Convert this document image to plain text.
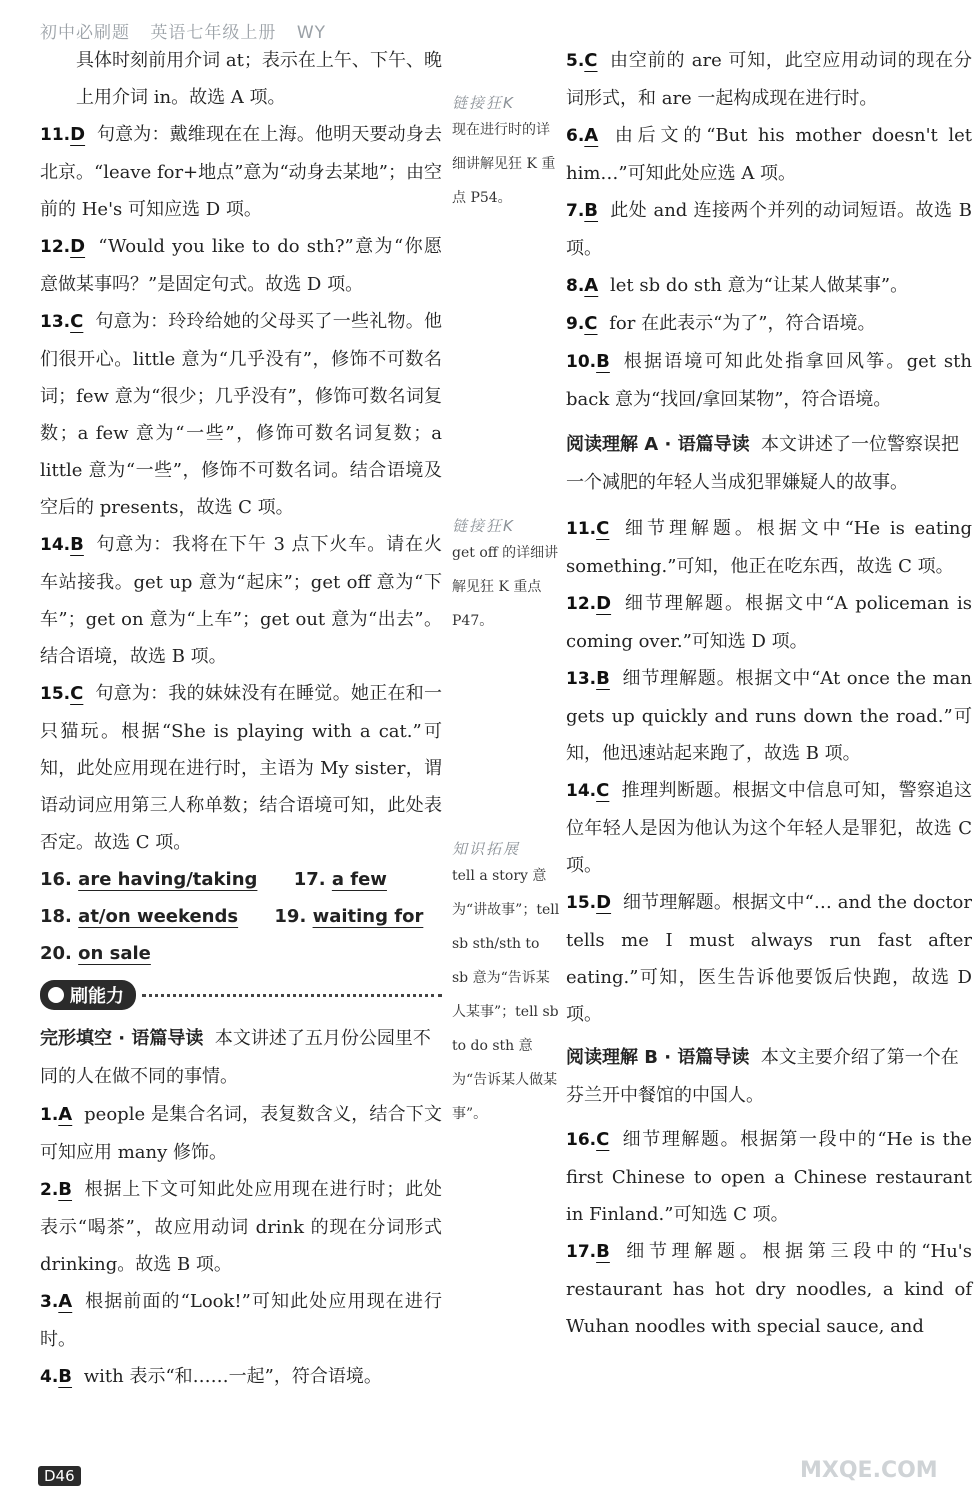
初中必刷题 英语七年级上册 WY

具体时刻前用介词 at；表示在上午、下午、晚上用介词 in。故选 A 项。

11.D 句意为：戴维现在在上海。他明天要动身去北京。“leave for+地点”意为“动身去某地”；由空前的 He's 可知应选 D 项。

12.D “Would you like to do sth?”意为“你愿意做某事吗？”是固定句式。故选 D 项。

13.C 句意为：玲玲给她的父母买了一些礼物。他们很开心。little 意为“几乎没有”，修饰不可数名词；few 意为“很少；几乎没有”，修饰可数名词复数；a few 意为“一些”，修饰可数名词复数；a little 意为“一些”，修饰不可数名词。结合语境及空后的 presents，故选 C 项。

14.B 句意为：我将在下午 3 点下火车。请在火车站接我。get up 意为“起床”；get off 意为“下车”；get on 意为“上车”；get out 意为“出去”。结合语境，故选 B 项。

15.C 句意为：我的妹妹没有在睡觉。她正在和一只猫玩。根据“She is playing with a cat.”可知，此处应用现在进行时，主语为 My sister，谓语动词应用第三人称单数；结合语境可知，此处表否定。故选 C 项。

16. are having/taking 17. a few

18. at/on weekends 19. waiting for

20. on sale

刷能力

完形填空 · 语篇导读 本文讲述了五月份公园里不同的人在做不同的事情。

1.A people 是集合名词，表复数含义，结合下文可知应用 many 修饰。

2.B 根据上下文可知此处应用现在进行时；此处表示“喝茶”，故应用动词 drink 的现在分词形式 drinking。故选 B 项。

3.A 根据前面的“Look!”可知此处应用现在进行时。

4.B with 表示“和……一起”，符合语境。

链接狂K

现在进行时的详细讲解见狂 K 重点 P54。

链接狂K

get off 的详细讲解见狂 K 重点 P47。

知识拓展

tell a story 意为“讲故事”；tell sb sth/sth to sb 意为“告诉某人某事”；tell sb to do sth 意为“告诉某人做某事”。

5.C 由空前的 are 可知，此空应用动词的现在分词形式，和 are 一起构成现在进行时。

6.A 由后文的“But his mother doesn't let him…”可知此处应选 A 项。

7.B 此处 and 连接两个并列的动词短语。故选 B 项。

8.A let sb do sth 意为“让某人做某事”。

9.C for 在此表示“为了”，符合语境。

10.B 根据语境可知此处指拿回风筝。get sth back 意为“找回/拿回某物”，符合语境。

阅读理解 A · 语篇导读 本文讲述了一位警察误把一个减肥的年轻人当成犯罪嫌疑人的故事。

11.C 细节理解题。根据文中“He is eating something.”可知，他正在吃东西，故选 C 项。

12.D 细节理解题。根据文中“A policeman is coming over.”可知选 D 项。

13.B 细节理解题。根据文中“At once the man gets up quickly and runs down the road.”可知，他迅速站起来跑了，故选 B 项。

14.C 推理判断题。根据文中信息可知，警察追这位年轻人是因为他认为这个年轻人是罪犯，故选 C 项。

15.D 细节理解题。根据文中“… and the doctor tells me I must always run fast after eating.”可知，医生告诉他要饭后快跑，故选 D 项。

阅读理解 B · 语篇导读 本文主要介绍了第一个在芬兰开中餐馆的中国人。

16.C 细节理解题。根据第一段中的“He is the first Chinese to open a Chinese restaurant in Finland.”可知选 C 项。

17.B 细节理解题。根据第三段中的“Hu's restaurant has hot dry noodles, a kind of Wuhan noodles with special sauce, and

D46	MXQE.COM
